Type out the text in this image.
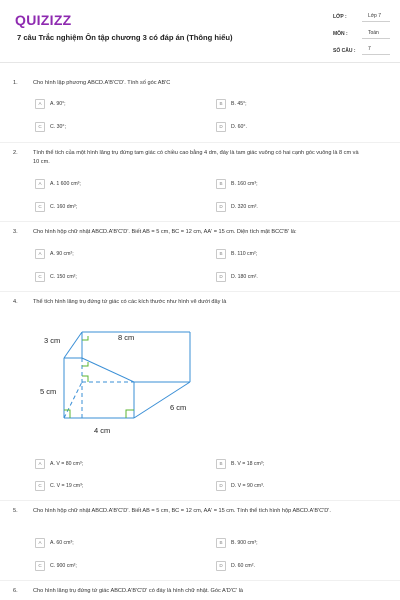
QUIZIZZ
7 câu Trắc nghiệm Ôn tập chương 3 có đáp án (Thông hiểu)
LỚP :	Lớp 7
MÔN :	Toán
SỐ CÂU :	7
1.	Cho hình lập phương ABCD.A'B'C'D'. Tính số góc AB'C
A A. 90°;	B B. 45°;
C C. 30°;	D D. 60°.
2.	Tính thể tích của một hình lăng trụ đứng tam giác có chiều cao bằng 4 dm, đáy là tam giác vuông có hai cạnh góc vuông là 8 cm và 10 cm.
A A. 1 600 cm³;	B B. 160 cm³;
C C. 160 dm³;	D D. 320 cm³.
3.	Cho hình hộp chữ nhật ABCD.A'B'C'D'. Biết AB = 5 cm, BC = 12 cm, AA' = 15 cm. Diện tích mặt BCC'B' là:
A A. 90 cm²;	B B. 110 cm²;
C C. 150 cm²;	D D. 180 cm².
4.	Thể tích hình lăng trụ đứng tứ giác có các kích thước như hình vẽ dưới đây là
3 cm	8 cm
5 cm
6 cm
4 cm
A A. V = 80 cm³;	B B. V = 18 cm³;
C C. V = 19 cm³;	D D. V = 90 cm³.
5.	Cho hình hộp chữ nhật ABCD.A'B'C'D'. Biết AB = 5 cm, BC = 12 cm, AA' = 15 cm. Tính thể tích hình hộp ABCD.A'B'C'D'.
A A. 60 cm³;	B B. 900 cm³;
C C. 900 cm²;	D D. 60 cm².
6.	Cho hình lăng trụ đứng tứ giác ABCD.A'B'C'D' có đáy là hình chữ nhật. Góc A'D'C' là
